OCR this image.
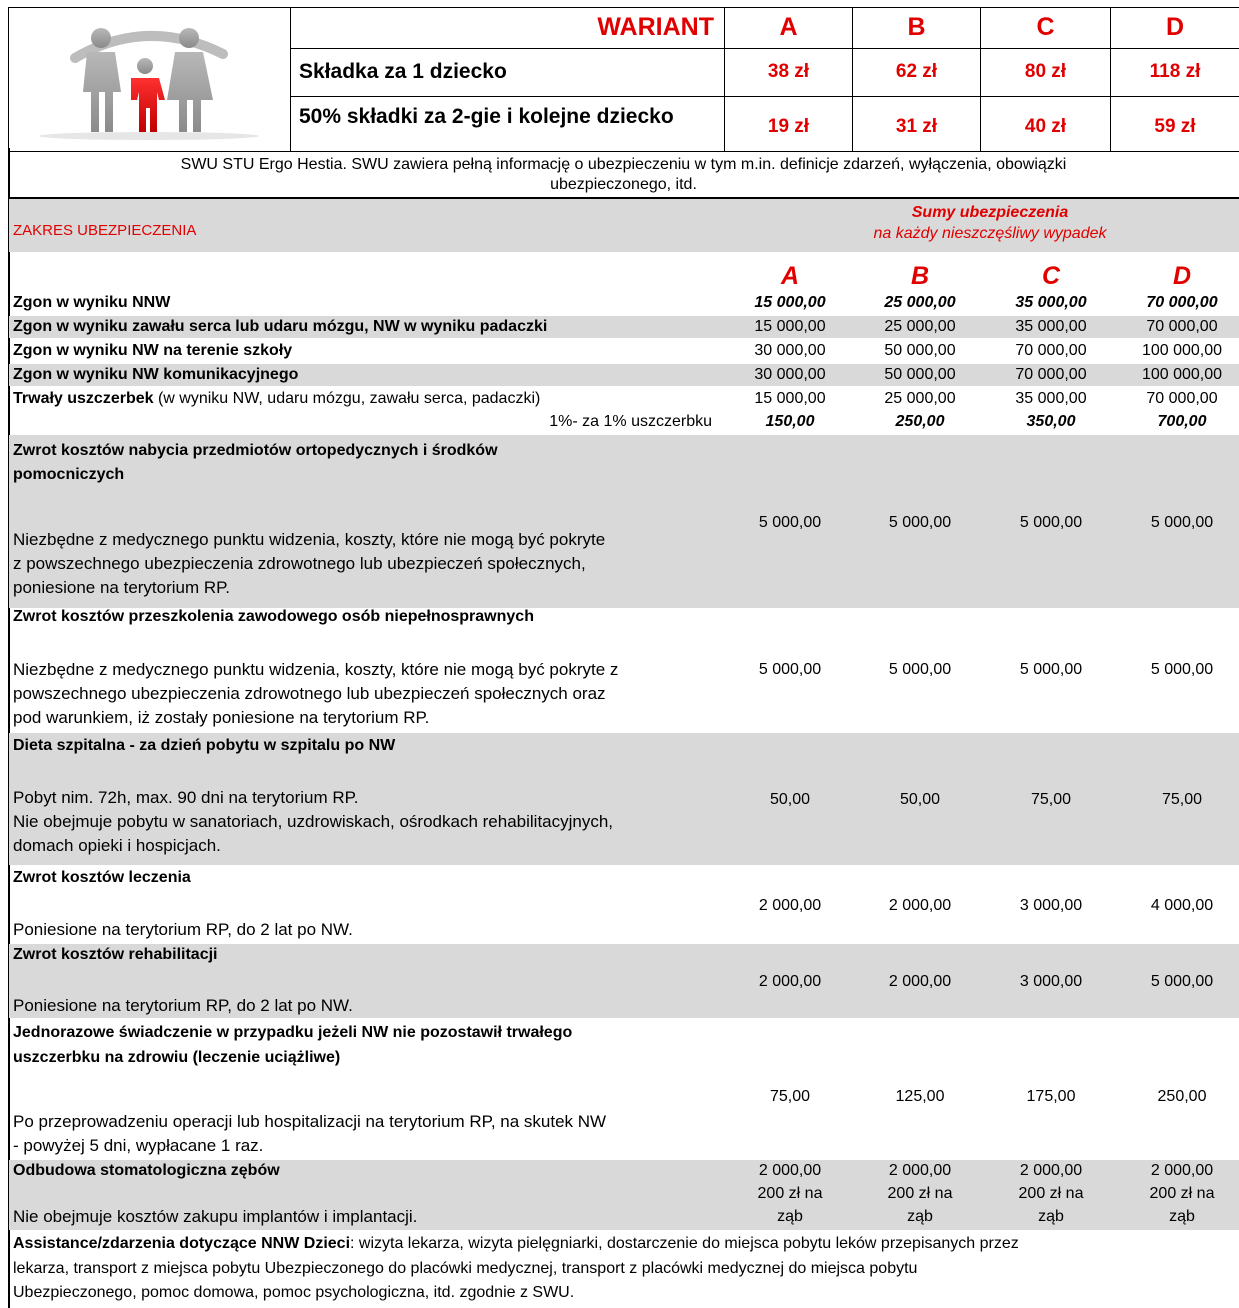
	WARIANT	A	B	C	D
	Składka za 1 dziecko	38 zł	62 zł	80 zł	118 zł
	50% składki za 2-gie i kolejne dziecko	19 zł	31 zł	40 zł	59 zł
SWU STU Ergo Hestia. SWU zawiera pełną informację o ubezpieczeniu w tym m.in. definicje zdarzeń, wyłączenia, obowiązki
ubezpieczonego, itd.
ZAKRES UBEZPIECZENIA
Sumy ubezpieczenia
na każdy nieszczęśliwy wypadek
A	B	C	D
Zgon w wyniku NNW	15 000,00	25 000,00	35 000,00	70 000,00
Zgon w wyniku zawału serca lub udaru mózgu, NW w wyniku padaczki	15 000,00	25 000,00	35 000,00	70 000,00
Zgon w wyniku NW na terenie szkoły	30 000,00	50 000,00	70 000,00	100 000,00
Zgon w wyniku NW komunikacyjnego	30 000,00	50 000,00	70 000,00	100 000,00
Trwały uszczerbek (w wyniku NW, udaru mózgu, zawału serca, padaczki)	15 000,00	25 000,00	35 000,00	70 000,00
1%- za 1% uszczerbku	150,00	250,00	350,00	700,00
Zwrot kosztów nabycia przedmiotów ortopedycznych i środków
pomocniczych
Niezbędne z medycznego punktu widzenia, koszty, które nie mogą być pokryte
z powszechnego ubezpieczenia zdrowotnego lub ubezpieczeń społecznych,
poniesione na terytorium RP.
5 000,00	5 000,00	5 000,00	5 000,00
Zwrot kosztów przeszkolenia zawodowego osób niepełnosprawnych
Niezbędne z medycznego punktu widzenia, koszty, które nie mogą być pokryte z
powszechnego ubezpieczenia zdrowotnego lub ubezpieczeń społecznych oraz
pod warunkiem, iż zostały poniesione na terytorium RP.
5 000,00	5 000,00	5 000,00	5 000,00
Dieta szpitalna - za dzień pobytu w szpitalu po NW
Pobyt nim. 72h, max. 90 dni na terytorium RP.
Nie obejmuje pobytu w sanatoriach, uzdrowiskach, ośrodkach rehabilitacyjnych,
domach opieki i hospicjach.
50,00	50,00	75,00	75,00
Zwrot kosztów leczenia
Poniesione na terytorium RP, do 2 lat po NW.
2 000,00	2 000,00	3 000,00	4 000,00
Zwrot kosztów rehabilitacji
Poniesione na terytorium RP, do 2 lat po NW.
2 000,00	2 000,00	3 000,00	5 000,00
Jednorazowe świadczenie w przypadku jeżeli NW nie pozostawił trwałego
uszczerbku na zdrowiu (leczenie uciążliwe)
Po przeprowadzeniu operacji lub hospitalizacji na terytorium RP, na skutek NW
- powyżej 5 dni, wypłacane 1 raz.
75,00	125,00	175,00	250,00
Odbudowa stomatologiczna zębów
Nie obejmuje kosztów zakupu implantów i implantacji.
2 000,00	2 000,00	2 000,00	2 000,00
200 zł na	200 zł na	200 zł na	200 zł na
ząb	ząb	ząb	ząb
Assistance/zdarzenia dotyczące NNW Dzieci: wizyta lekarza, wizyta pielęgniarki, dostarczenie do miejsca pobytu leków przepisanych przez
lekarza, transport z miejsca pobytu Ubezpieczonego do placówki medycznej, transport z placówki medycznej do miejsca pobytu
Ubezpieczonego, pomoc domowa, pomoc psychologiczna, itd. zgodnie z SWU.
